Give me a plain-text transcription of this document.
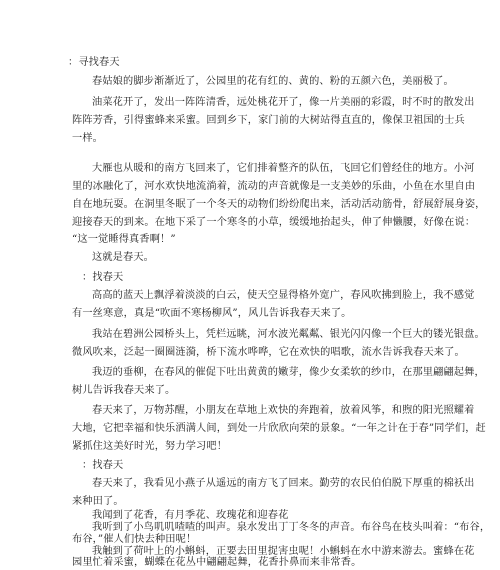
：寻找春天
春姑娘的脚步渐渐近了，公园里的花有红的、黄的、粉的五颜六色，美丽极了。
油菜花开了，发出一阵阵清香，远处桃花开了，像一片美丽的彩霞，时不时的散发出
阵阵芳香，引得蜜蜂来采蜜。回到乡下，家门前的大树站得直直的，像保卫祖国的士兵
一样。
大雁也从暖和的南方飞回来了，它们排着整齐的队伍，飞回它们曾经住的地方。小河
里的冰融化了，河水欢快地流淌着，流动的声音就像是一支美妙的乐曲，小鱼在水里自由
自在地玩耍。在洞里冬眠了一个冬天的动物们纷纷爬出来，活动活动筋骨，舒展舒展身姿，
迎接春天的到来。在地下采了一个寒冬的小草，缓缓地抬起头，伸了伸懒腰，好像在说：
“这一觉睡得真香啊！”
这就是春天。
：找春天
高高的蓝天上飘浮着淡淡的白云，使天空显得格外宽广，春风吹拂到脸上，我不感觉
有一丝寒意，真是“吹面不寒杨柳风”，风儿告诉我春天来了。
我站在碧洲公园桥头上，凭栏远眺，河水波光粼粼、银光闪闪像一个巨大的镂光银盘。
微风吹来，泛起一圈圈涟漪，桥下流水哗哗，它在欢快的唱歌，流水告诉我春天来了。
我迈的垂柳，在春风的催促下吐出黄黄的嫩芽，像少女柔软的纱巾，在那里翩翩起舞，
树儿告诉我春天来了。
春天来了，万物苏醒，小朋友在草地上欢快的奔跑着，放着风筝，和煦的阳光照耀着
大地，它把幸福和快乐洒满人间，到处一片欣欣向荣的景象。“一年之计在于春”同学们，赶
紧抓住这美好时光，努力学习吧！
：找春天
春天来了，我看见小燕子从遥远的南方飞了回来。勤劳的农民伯伯脱下厚重的棉袄出
来种田了。
我闻到了花香，有月季花、玫瑰花和迎春花
我听到了小鸟叽叽喳喳的叫声。泉水发出丁丁冬冬的声音。布谷鸟在枝头叫着：“布谷，
布谷，”催人们快去种田呢！
我触到了荷叶上的小蝌蚪，正要去田里捉害虫呢！小蝌蚪在水中游来游去。蜜蜂在花
园里忙着采蜜，蝴蝶在花丛中翩翩起舞，花香扑鼻而来非常香。
